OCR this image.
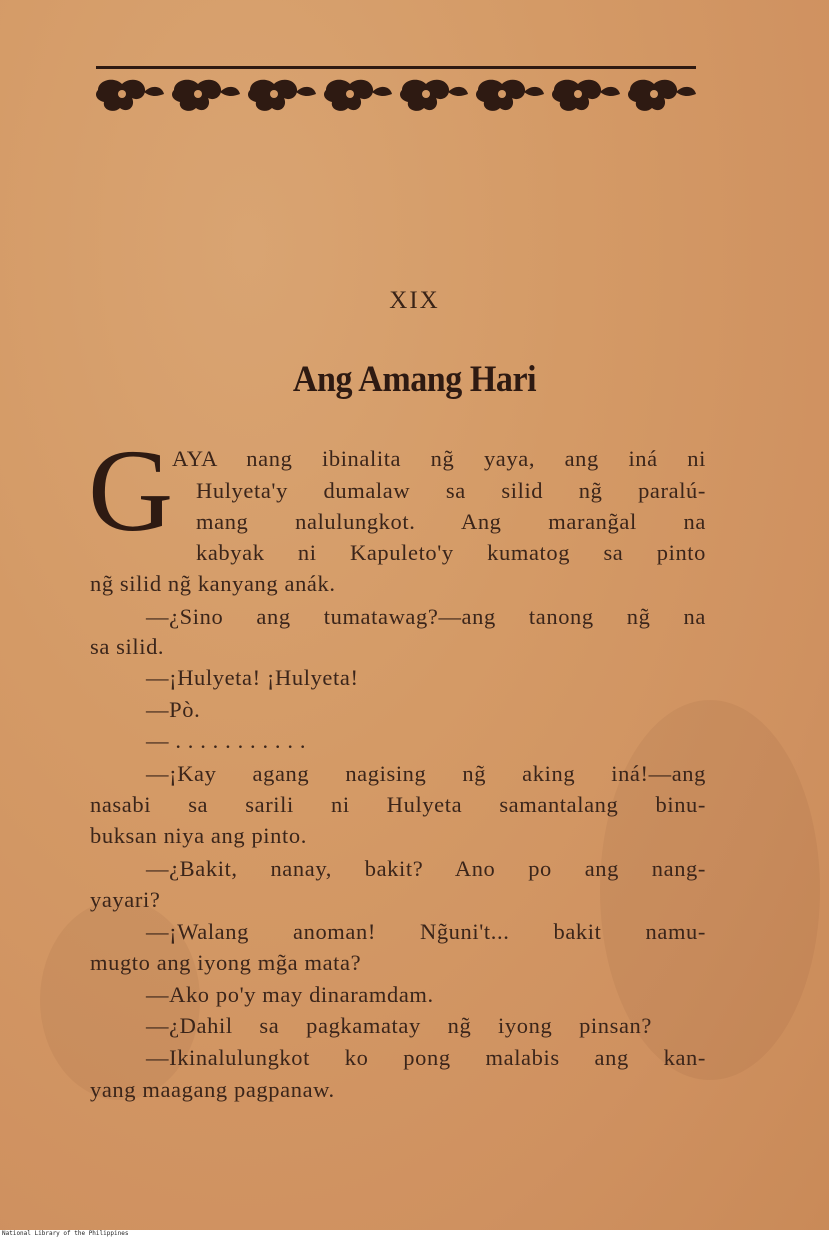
XIX
Ang Amang Hari
G
AYA nang ibinalita ng̃ yaya, ang iná ni
Hulyeta'y dumalaw sa silid ng̃ paralú-
mang nalulungkot. Ang marang̃al na
kabyak ni Kapuleto'y kumatog sa pinto
ng̃ silid ng̃ kanyang anák.
—¿Sino ang tumatawag?—ang tanong ng̃ na
sa silid.
—¡Hulyeta! ¡Hulyeta!
—Pò.
— . . . . . . . . . . .
—¡Kay agang nagising ng̃ aking iná!—ang
nasabi sa sarili ni Hulyeta samantalang binu-
buksan niya ang pinto.
—¿Bakit, nanay, bakit? Ano po ang nang-
yayari?
—¡Walang anoman! Ng̃uni't... bakit namu-
mugto ang iyong mg̃a mata?
—Ako po'y may dinaramdam.
—¿Dahil sa pagkamatay ng̃ iyong pinsan?
—Ikinalulungkot ko pong malabis ang kan-
yang maagang pagpanaw.
National Library of the Philippines
